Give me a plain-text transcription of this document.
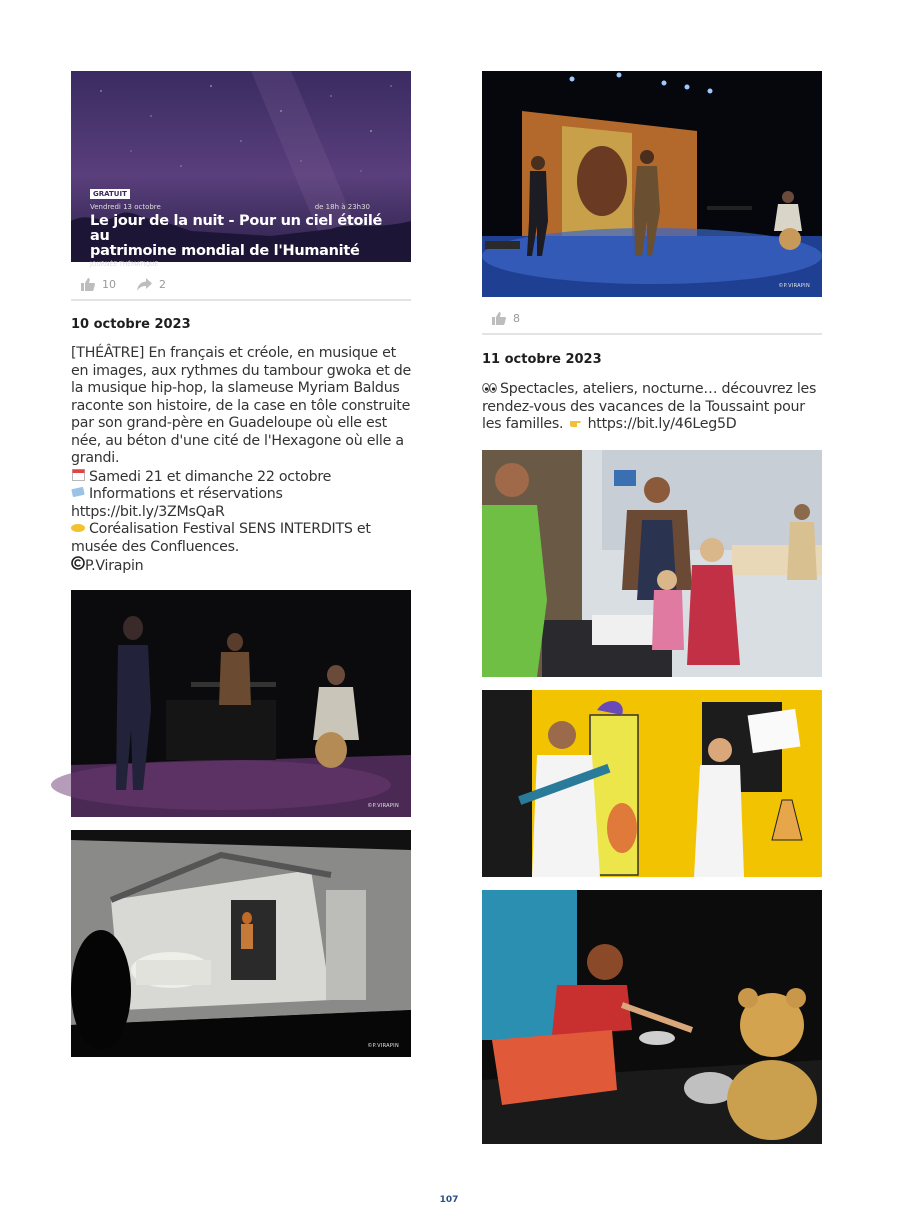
GRATUIT
Vendredi 13 octobre	de 18h à 23h30
Le jour de la nuit - Pour un ciel étoilé au
patrimoine mondial de l'Humanité
JOURNÉE THÉMATIQUE
10	2
10 octobre 2023

[THÉÂTRE] En français et créole, en musique et en images, aux rythmes du tambour gwoka et de la musique hip-hop, la slameuse Myriam Baldus raconte son histoire, de la case en tôle construite par son grand-père en Guadeloupe où elle est née, au béton d'une cité de l'Hexagone où elle a grandi.

Samedi 21 et dimanche 22 octobre

Informations et réservations

https://bit.ly/3ZMsQaR

Coréalisation Festival SENS INTERDITS et musée des Confluences.

P.Virapin

©P.VIRAPIN
©P.VIRAPIN
©P.VIRAPIN
8
11 octobre 2023

Spectacles, ateliers, nocturne… découvrez les rendez-vous des vacances de la Toussaint pour les familles. https://bit.ly/46Leg5D

107
